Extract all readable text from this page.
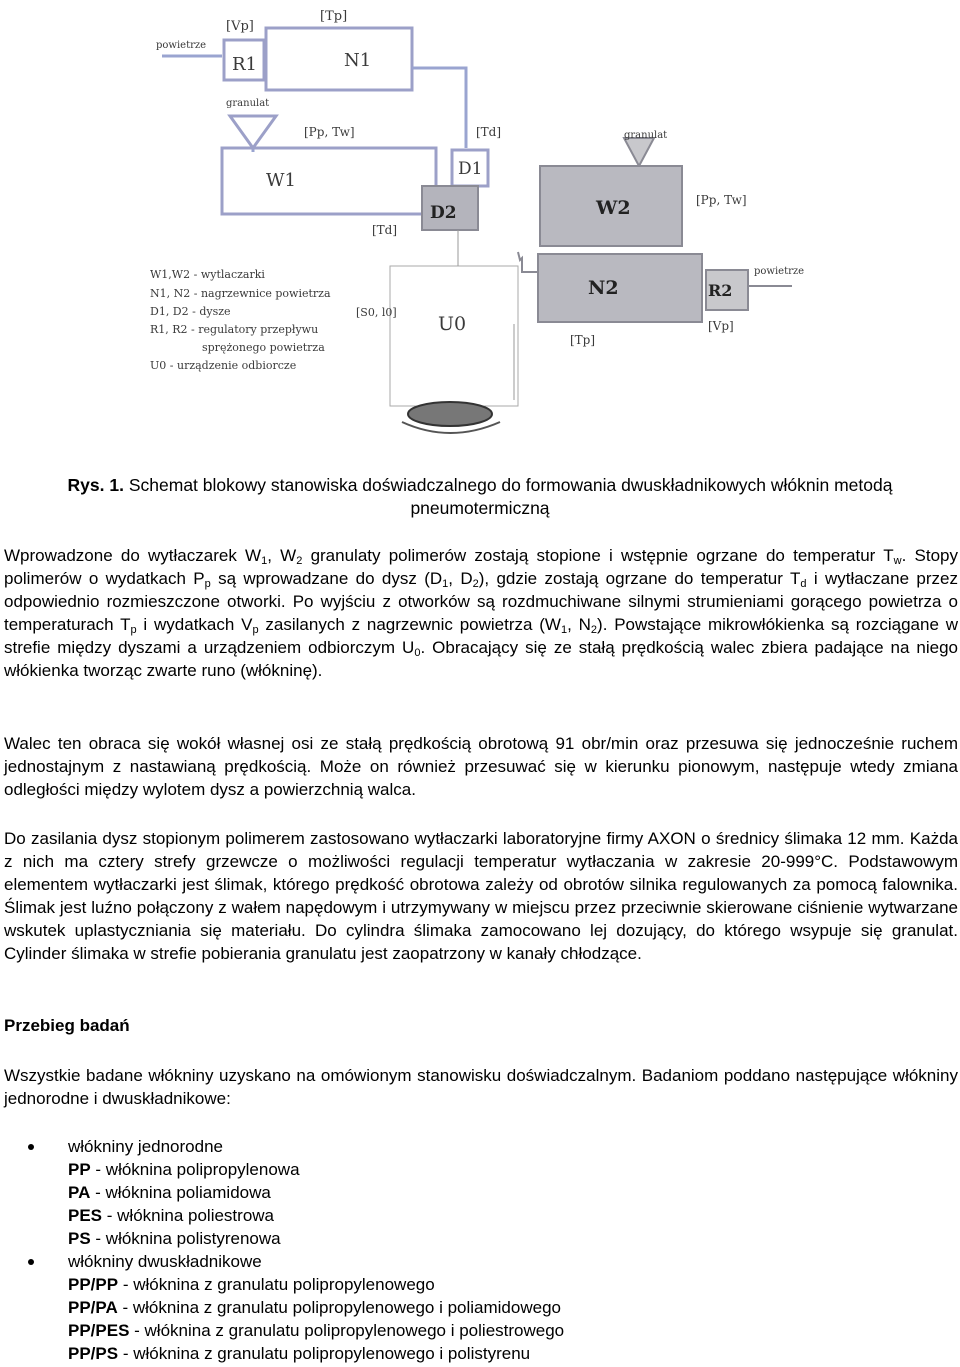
[Vp]
[Tp]
powietrze
R1	N1
granulat
[Pp, Tw]	[Td]
W1
D1
granulat
D2	W2	[Pp, Tw]
[Td]
powietrze
N2	R2
[Vp]
[Tp]
[S0, l0]
U0
W1,W2 - wytlaczarki
N1, N2 - nagrzewnice powietrza
D1, D2 - dysze
R1, R2 - regulatory przepływu
sprężonego powietrza
U0 - urządzenie odbiorcze
Rys. 1. Schemat blokowy stanowiska doświadczalnego do formowania dwuskładnikowych włóknin metodą pneumotermiczną

Wprowadzone do wytłaczarek $W_1$, $W_2$ granulaty polimerów zostają stopione i wstępnie ogrzane do temperatur $T_w$. Stopy polimerów o wydatkach $P_p$ są wprowadzane do dysz ($D_1$, $D_2$), gdzie zostają ogrzane do temperatur $T_d$ i wytłaczane przez odpowiednio rozmieszczone otworki. Po wyjściu z otworków są rozdmuchiwane silnymi strumieniami gorącego powietrza o temperaturach $T_p$ i wydatkach $V_p$ zasilanych z nagrzewnic powietrza ($W_1$, $N_2$). Powstające mikrowłókienka są rozciągane w strefie między dyszami a urządzeniem odbiorczym $U_0$. Obracający się ze stałą prędkością walec zbiera padające na niego włókienka tworząc zwarte runo (włókninę).

Walec ten obraca się wokół własnej osi ze stałą prędkością obrotową 91 obr/min oraz przesuwa się jednocześnie ruchem jednostajnym z nastawianą prędkością. Może on również przesuwać się w kierunku pionowym, następuje wtedy zmiana odległości między wylotem dysz a powierzchnią walca.

Do zasilania dysz stopionym polimerem zastosowano wytłaczarki laboratoryjne firmy AXON o średnicy ślimaka 12 mm. Każda z nich ma cztery strefy grzewcze o możliwości regulacji temperatur wytłaczania w zakresie 20-999°C. Podstawowym elementem wytłaczarki jest ślimak, którego prędkość obrotowa zależy od obrotów silnika regulowanych za pomocą falownika. Ślimak jest luźno połączony z wałem napędowym i utrzymywany w miejscu przez przeciwnie skierowane ciśnienie wytwarzane wskutek uplastyczniania się materiału. Do cylindra ślimaka zamocowano lej dozujący, do którego wsypuje się granulat. Cylinder ślimaka w strefie pobierania granulatu jest zaopatrzony w kanały chłodzące.

Przebieg badań

Wszystkie badane włókniny uzyskano na omówionym stanowisku doświadczalnym. Badaniom poddano następujące włókniny jednorodne i dwuskładnikowe:

włókniny jednorodne
PP - włóknina polipropylenowa
PA - włóknina poliamidowa
PES - włóknina poliestrowa
PS - włóknina polistyrenowa
włókniny dwuskładnikowe
PP/PP - włóknina z granulatu polipropylenowego
PP/PA - włóknina z granulatu polipropylenowego i poliamidowego
PP/PES - włóknina z granulatu polipropylenowego i poliestrowego
PP/PS - włóknina z granulatu polipropylenowego i polistyrenu
